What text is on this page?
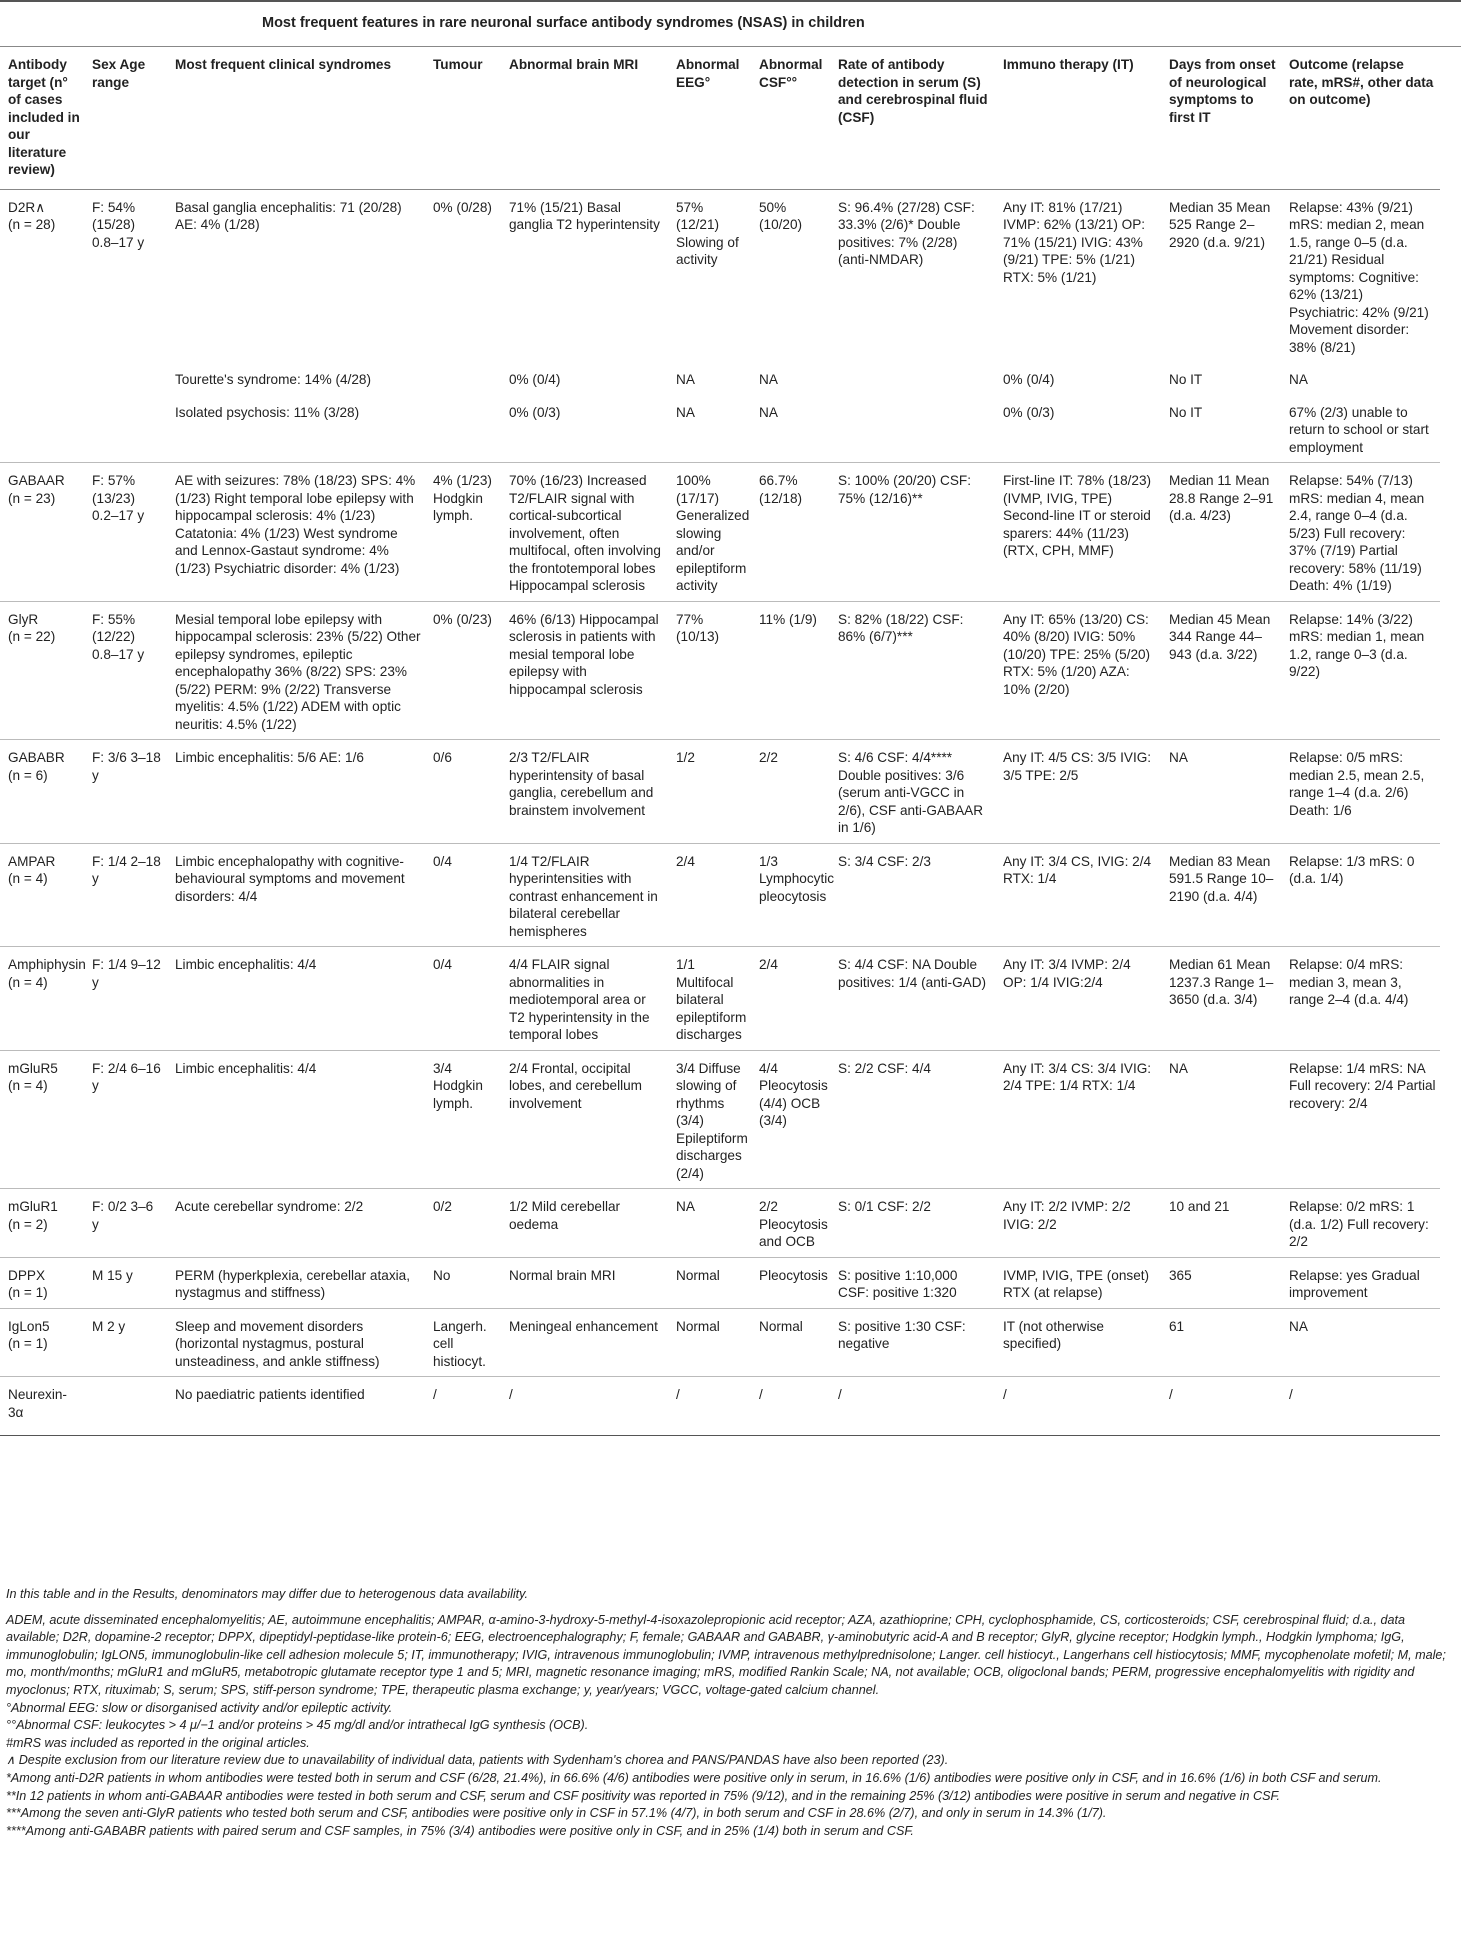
Most frequent features in rare neuronal surface antibody syndromes (NSAS) in children
Antibody target (n° of cases included in our literature review)	Sex Age range	Most frequent clinical syndromes	Tumour	Abnormal brain MRI	Abnormal EEG°	Abnormal CSF°°	Rate of antibody detection in serum (S) and cerebrospinal fluid (CSF)	Immuno therapy (IT)	Days from onset of neurological symptoms to first IT	Outcome (relapse rate, mRS#, other data on outcome)

D2R∧
(n = 28)	F: 54% (15/28) 0.8–17 y	Basal ganglia encephalitis: 71 (20/28) AE: 4% (1/28)	0% (0/28)	71% (15/21) Basal ganglia T2 hyperintensity	57% (12/21) Slowing of activity	50% (10/20)	S: 96.4% (27/28) CSF: 33.3% (2/6)* Double positives: 7% (2/28) (anti-NMDAR)	Any IT: 81% (17/21) IVMP: 62% (13/21) OP: 71% (15/21) IVIG: 43% (9/21) TPE: 5% (1/21) RTX: 5% (1/21)	Median 35 Mean 525 Range 2–2920 (d.a. 9/21)	Relapse: 43% (9/21) mRS: median 2, mean 1.5, range 0–5 (d.a. 21/21) Residual symptoms: Cognitive: 62% (13/21) Psychiatric: 42% (9/21) Movement disorder: 38% (8/21)

		Tourette's syndrome: 14% (4/28)		0% (0/4)	NA	NA		0% (0/4)	No IT	NA

		Isolated psychosis: 11% (3/28)		0% (0/3)	NA	NA		0% (0/3)	No IT	67% (2/3) unable to return to school or start employment

GABAAR
(n = 23)	F: 57% (13/23) 0.2–17 y	AE with seizures: 78% (18/23) SPS: 4% (1/23) Right temporal lobe epilepsy with hippocampal sclerosis: 4% (1/23) Catatonia: 4% (1/23) West syndrome and Lennox-Gastaut syndrome: 4% (1/23) Psychiatric disorder: 4% (1/23)	4% (1/23) Hodgkin lymph.	70% (16/23) Increased T2/FLAIR signal with cortical-subcortical involvement, often multifocal, often involving the frontotemporal lobes Hippocampal sclerosis	100% (17/17) Generalized slowing and/or epileptiform activity	66.7% (12/18)	S: 100% (20/20) CSF: 75% (12/16)**	First-line IT: 78% (18/23) (IVMP, IVIG, TPE) Second-line IT or steroid sparers: 44% (11/23) (RTX, CPH, MMF)	Median 11 Mean 28.8 Range 2–91 (d.a. 4/23)	Relapse: 54% (7/13) mRS: median 4, mean 2.4, range 0–4 (d.a. 5/23) Full recovery: 37% (7/19) Partial recovery: 58% (11/19) Death: 4% (1/19)

GlyR
(n = 22)	F: 55% (12/22) 0.8–17 y	Mesial temporal lobe epilepsy with hippocampal sclerosis: 23% (5/22) Other epilepsy syndromes, epileptic encephalopathy 36% (8/22) SPS: 23% (5/22) PERM: 9% (2/22) Transverse myelitis: 4.5% (1/22) ADEM with optic neuritis: 4.5% (1/22)	0% (0/23)	46% (6/13) Hippocampal sclerosis in patients with mesial temporal lobe epilepsy with hippocampal sclerosis	77% (10/13)	11% (1/9)	S: 82% (18/22) CSF: 86% (6/7)***	Any IT: 65% (13/20) CS: 40% (8/20) IVIG: 50% (10/20) TPE: 25% (5/20) RTX: 5% (1/20) AZA: 10% (2/20)	Median 45 Mean 344 Range 44–943 (d.a. 3/22)	Relapse: 14% (3/22) mRS: median 1, mean 1.2, range 0–3 (d.a. 9/22)

GABABR
(n = 6)	F: 3/6 3–18 y	Limbic encephalitis: 5/6 AE: 1/6	0/6	2/3 T2/FLAIR hyperintensity of basal ganglia, cerebellum and brainstem involvement	1/2	2/2	S: 4/6 CSF: 4/4**** Double positives: 3/6 (serum anti-VGCC in 2/6), CSF anti-GABAAR in 1/6)	Any IT: 4/5 CS: 3/5 IVIG: 3/5 TPE: 2/5	NA	Relapse: 0/5 mRS: median 2.5, mean 2.5, range 1–4 (d.a. 2/6) Death: 1/6

AMPAR
(n = 4)	F: 1/4 2–18 y	Limbic encephalopathy with cognitive-behavioural symptoms and movement disorders: 4/4	0/4	1/4 T2/FLAIR hyperintensities with contrast enhancement in bilateral cerebellar hemispheres	2/4	1/3 Lymphocytic pleocytosis	S: 3/4 CSF: 2/3	Any IT: 3/4 CS, IVIG: 2/4 RTX: 1/4	Median 83 Mean 591.5 Range 10–2190 (d.a. 4/4)	Relapse: 1/3 mRS: 0 (d.a. 1/4)

Amphiphysin
(n = 4)	F: 1/4 9–12 y	Limbic encephalitis: 4/4	0/4	4/4 FLAIR signal abnormalities in mediotemporal area or T2 hyperintensity in the temporal lobes	1/1 Multifocal bilateral epileptiform discharges	2/4	S: 4/4 CSF: NA Double positives: 1/4 (anti-GAD)	Any IT: 3/4 IVMP: 2/4 OP: 1/4 IVIG:2/4	Median 61 Mean 1237.3 Range 1–3650 (d.a. 3/4)	Relapse: 0/4 mRS: median 3, mean 3, range 2–4 (d.a. 4/4)

mGluR5
(n = 4)	F: 2/4 6–16 y	Limbic encephalitis: 4/4	3/4 Hodgkin lymph.	2/4 Frontal, occipital lobes, and cerebellum involvement	3/4 Diffuse slowing of rhythms (3/4) Epileptiform discharges (2/4)	4/4 Pleocytosis (4/4) OCB (3/4)	S: 2/2 CSF: 4/4	Any IT: 3/4 CS: 3/4 IVIG: 2/4 TPE: 1/4 RTX: 1/4	NA	Relapse: 1/4 mRS: NA Full recovery: 2/4 Partial recovery: 2/4

mGluR1
(n = 2)	F: 0/2 3–6 y	Acute cerebellar syndrome: 2/2	0/2	1/2 Mild cerebellar oedema	NA	2/2 Pleocytosis and OCB	S: 0/1 CSF: 2/2	Any IT: 2/2 IVMP: 2/2 IVIG: 2/2	10 and 21	Relapse: 0/2 mRS: 1 (d.a. 1/2) Full recovery: 2/2

DPPX
(n = 1)	M 15 y	PERM (hyperkplexia, cerebellar ataxia, nystagmus and stiffness)	No	Normal brain MRI	Normal	Pleocytosis	S: positive 1:10,000 CSF: positive 1:320	IVMP, IVIG, TPE (onset) RTX (at relapse)	365	Relapse: yes Gradual improvement

IgLon5
(n = 1)	M 2 y	Sleep and movement disorders (horizontal nystagmus, postural unsteadiness, and ankle stiffness)	Langerh. cell histiocyt.	Meningeal enhancement	Normal	Normal	S: positive 1:30 CSF: negative	IT (not otherwise specified)	61	NA

Neurexin-3α		No paediatric patients identified	/	/	/	/	/	/	/	/

In this table and in the Results, denominators may differ due to heterogenous data availability.

ADEM, acute disseminated encephalomyelitis; AE, autoimmune encephalitis; AMPAR, α-amino-3-hydroxy-5-methyl-4-isoxazolepropionic acid receptor; AZA, azathioprine; CPH, cyclophosphamide, CS, corticosteroids; CSF, cerebrospinal fluid; d.a., data available; D2R, dopamine-2 receptor; DPPX, dipeptidyl-peptidase-like protein-6; EEG, electroencephalography; F, female; GABAAR and GABABR, γ-aminobutyric acid-A and B receptor; GlyR, glycine receptor; Hodgkin lymph., Hodgkin lymphoma; IgG, immunoglobulin; IgLON5, immunoglobulin-like cell adhesion molecule 5; IT, immunotherapy; IVIG, intravenous immunoglobulin; IVMP, intravenous methylprednisolone; Langer. cell histiocyt., Langerhans cell histiocytosis; MMF, mycophenolate mofetil; M, male; mo, month/months; mGluR1 and mGluR5, metabotropic glutamate receptor type 1 and 5; MRI, magnetic resonance imaging; mRS, modified Rankin Scale; NA, not available; OCB, oligoclonal bands; PERM, progressive encephalomyelitis with rigidity and myoclonus; RTX, rituximab; S, serum; SPS, stiff-person syndrome; TPE, therapeutic plasma exchange; y, year/years; VGCC, voltage-gated calcium channel.

°Abnormal EEG: slow or disorganised activity and/or epileptic activity.

°°Abnormal CSF: leukocytes > 4 μ/−1 and/or proteins > 45 mg/dl and/or intrathecal IgG synthesis (OCB).

#mRS was included as reported in the original articles.

∧ Despite exclusion from our literature review due to unavailability of individual data, patients with Sydenham's chorea and PANS/PANDAS have also been reported (23).

*Among anti-D2R patients in whom antibodies were tested both in serum and CSF (6/28, 21.4%), in 66.6% (4/6) antibodies were positive only in serum, in 16.6% (1/6) antibodies were positive only in CSF, and in 16.6% (1/6) in both CSF and serum.

**In 12 patients in whom anti-GABAAR antibodies were tested in both serum and CSF, serum and CSF positivity was reported in 75% (9/12), and in the remaining 25% (3/12) antibodies were positive in serum and negative in CSF.

***Among the seven anti-GlyR patients who tested both serum and CSF, antibodies were positive only in CSF in 57.1% (4/7), in both serum and CSF in 28.6% (2/7), and only in serum in 14.3% (1/7).

****Among anti-GABABR patients with paired serum and CSF samples, in 75% (3/4) antibodies were positive only in CSF, and in 25% (1/4) both in serum and CSF.
